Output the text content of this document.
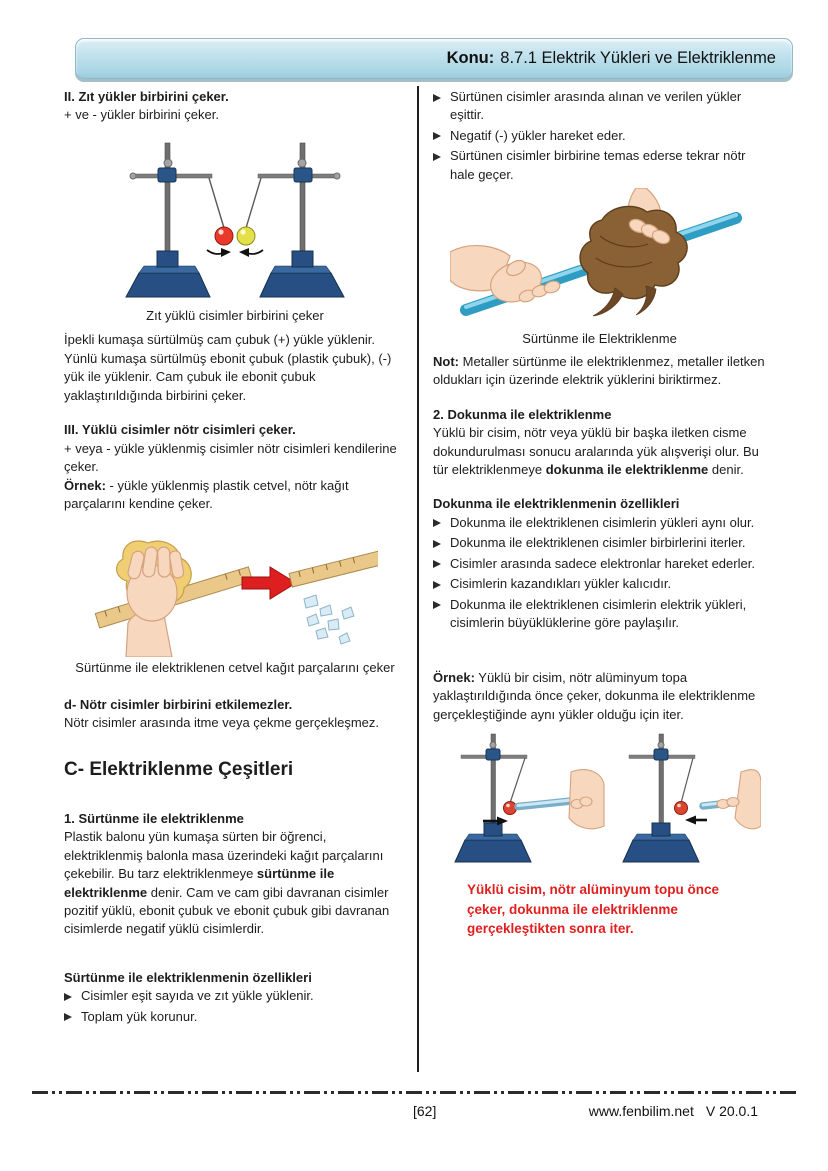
Konu: 8.7.1 Elektrik Yükleri ve Elektriklenme

II. Zıt yükler birbirini çeker.

+ ve - yükler birbirini çeker.

Zıt yüklü cisimler birbirini çeker

İpekli kumaşa sürtülmüş cam çubuk (+) yükle yüklenir. Yünlü kumaşa sürtülmüş ebonit çubuk (plastik çubuk), (-) yük ile yüklenir. Cam çubuk ile ebonit çubuk yaklaştırıldığında birbirini çeker.

III. Yüklü cisimler nötr cisimleri çeker.

+ veya - yükle yüklenmiş cisimler nötr cisimleri kendilerine çeker.

Örnek: - yükle yüklenmiş plastik cetvel, nötr kağıt parçalarını kendine çeker.

Sürtünme ile elektriklenen cetvel kağıt parçalarını çeker

d- Nötr cisimler birbirini etkilemezler.

Nötr cisimler arasında itme veya çekme gerçekleşmez.

C- Elektriklenme Çeşitleri

1. Sürtünme ile elektriklenme

Plastik balonu yün kumaşa sürten bir öğrenci, elektriklenmiş balonla masa üzerindeki kağıt parçalarını çekebilir. Bu tarz elektriklenmeye sürtünme ile elektriklenme denir. Cam ve cam gibi davranan cisimler pozitif yüklü, ebonit çubuk ve ebonit çubuk gibi davranan cisimlerde negatif yüklü cisimlerdir.

Sürtünme ile elektriklenmenin özellikleri

Cisimler eşit sayıda ve zıt yükle yüklenir.
Toplam yük korunur.
Sürtünen cisimler arasında alınan ve verilen yükler eşittir.
Negatif (-) yükler hareket eder.
Sürtünen cisimler birbirine temas ederse tekrar nötr hale geçer.

Sürtünme ile Elektriklenme

Not: Metaller sürtünme ile elektriklenmez, metaller iletken oldukları için üzerinde elektrik yüklerini biriktirmez.

2. Dokunma ile elektriklenme

Yüklü bir cisim, nötr veya yüklü bir başka iletken cisme dokundurulması sonucu aralarında yük alışverişi olur. Bu tür elektriklenmeye dokunma ile elektriklenme denir.

Dokunma ile elektriklenmenin özellikleri

Dokunma ile elektriklenen cisimlerin yükleri aynı olur.
Dokunma ile elektriklenen cisimler birbirlerini iterler.
Cisimler arasında sadece elektronlar hareket ederler.
Cisimlerin kazandıkları yükler kalıcıdır.
Dokunma ile elektriklenen cisimlerin elektrik yükleri, cisimlerin büyüklüklerine göre paylaşılır.

Örnek: Yüklü bir cisim, nötr alüminyum topa yaklaştırıldığında önce çeker, dokunma ile elektriklenme gerçekleştiğinde aynı yükler olduğu için iter.

Yüklü cisim, nötr alüminyum topu önce çeker, dokunma ile elektriklenme gerçekleştikten sonra iter.

[62]	www.fenbilim.net V 20.0.1
